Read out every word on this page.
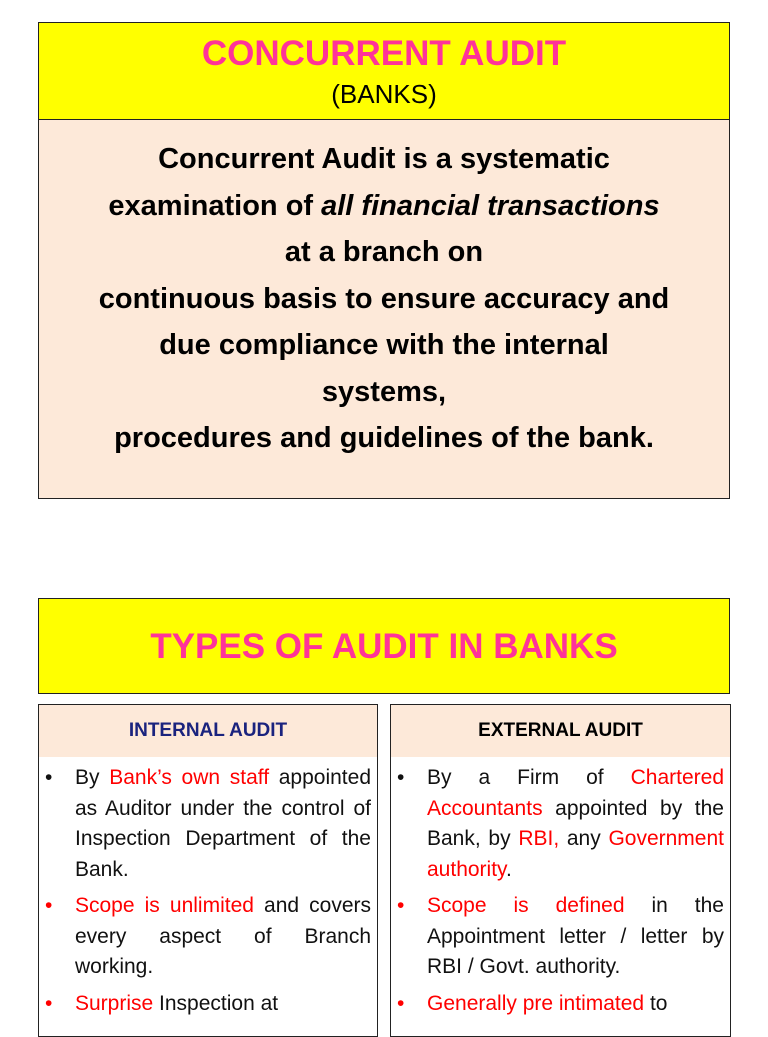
CONCURRENT AUDIT
(BANKS)
Concurrent Audit is a systematic
examination of all financial transactions
at a branch on
continuous basis to ensure accuracy and
due compliance with the internal
systems,
procedures and guidelines of the bank.
TYPES OF AUDIT IN BANKS
INTERNAL AUDIT	EXTERNAL AUDIT
• By Bank’s own staff appointed as Auditor under the control of Inspection Department of the Bank.
• Scope is unlimited and covers every aspect of Branch working.
• Surprise Inspection at
• By a Firm of Chartered Accountants appointed by the Bank, by RBI, any Government authority.
• Scope is defined in the Appointment letter / letter by RBI / Govt. authority.
• Generally pre intimated to
